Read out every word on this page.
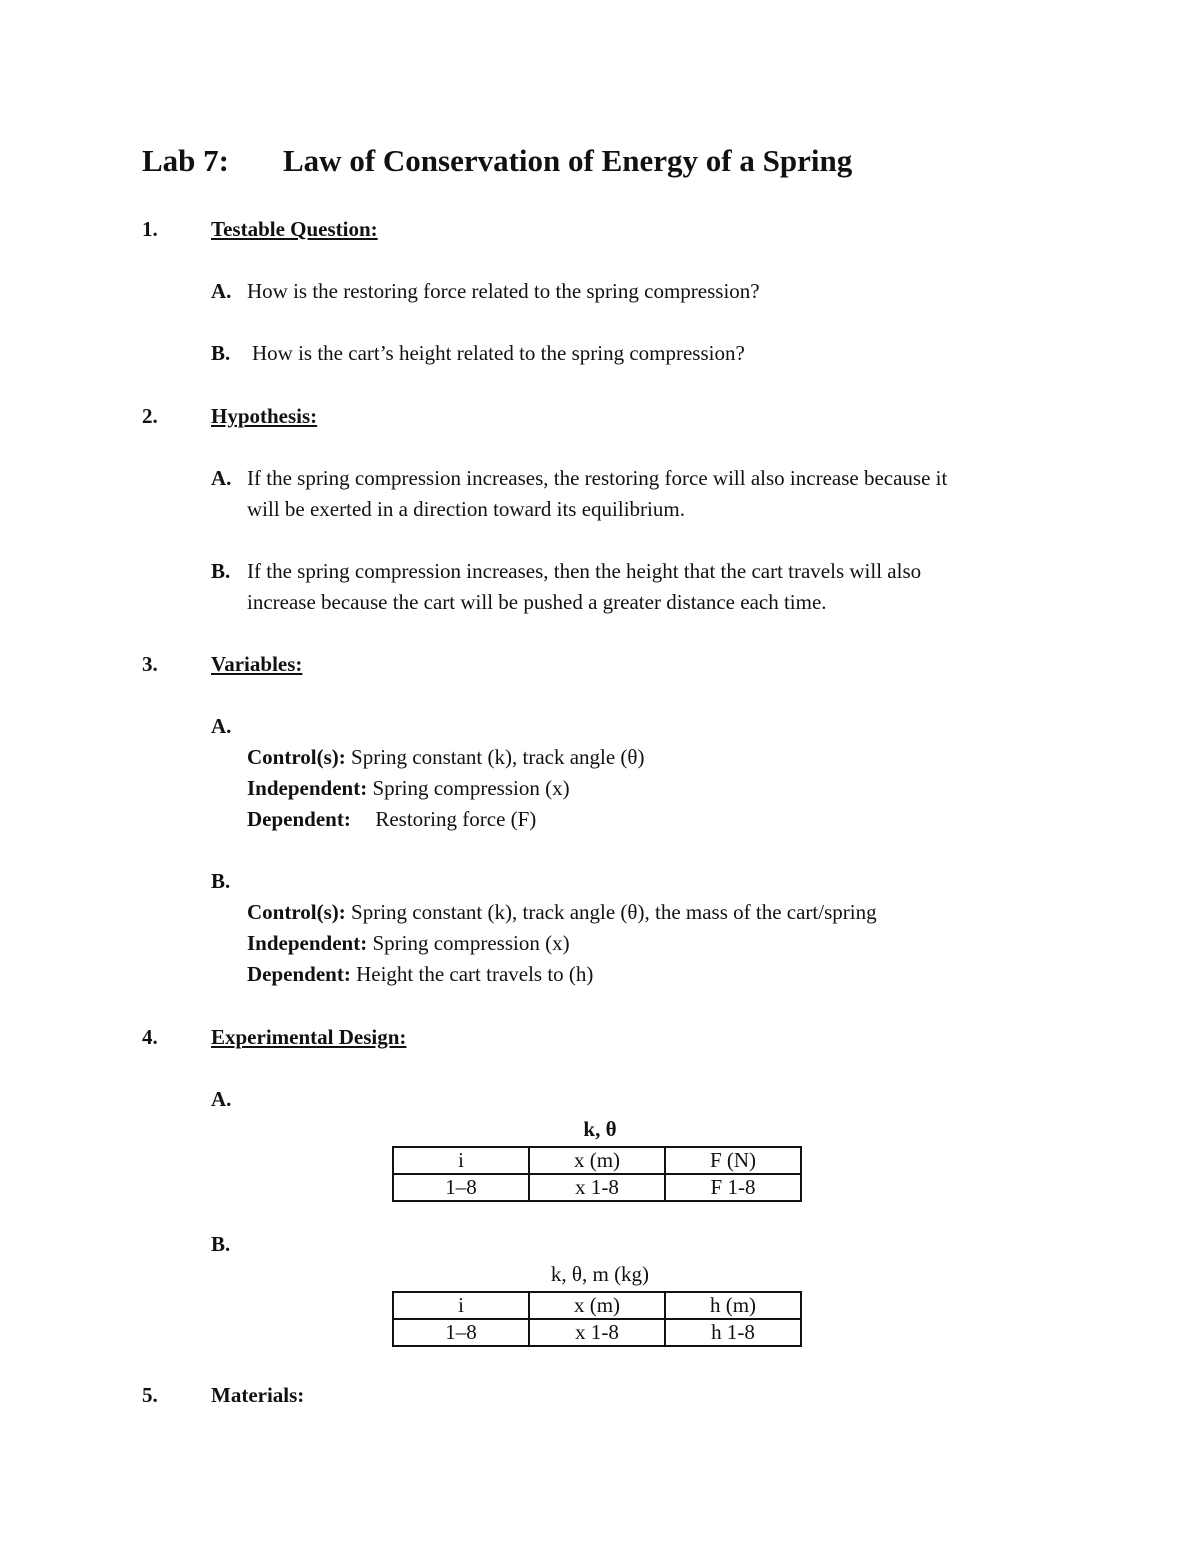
Lab 7: Law of Conservation of Energy of a Spring
1.	Testable Question:
A. How is the restoring force related to the spring compression?
B. How is the cart’s height related to the spring compression?
2.	Hypothesis:
A. If the spring compression increases, the restoring force will also increase because it
will be exerted in a direction toward its equilibrium.
B. If the spring compression increases, then the height that the cart travels will also
increase because the cart will be pushed a greater distance each time.
3.	Variables:
A.
Control(s): Spring constant (k), track angle (θ)
Independent: Spring compression (x)
Dependent: Restoring force (F)
B.
Control(s): Spring constant (k), track angle (θ), the mass of the cart/spring
Independent: Spring compression (x)
Dependent: Height the cart travels to (h)
4.	Experimental Design:
A.
k, θ
i	x (m)	F (N)
1–8	x 1-8	F 1-8
B.
k, θ, m (kg)
i	x (m)	h (m)
1–8	x 1-8	h 1-8
5.	Materials:
